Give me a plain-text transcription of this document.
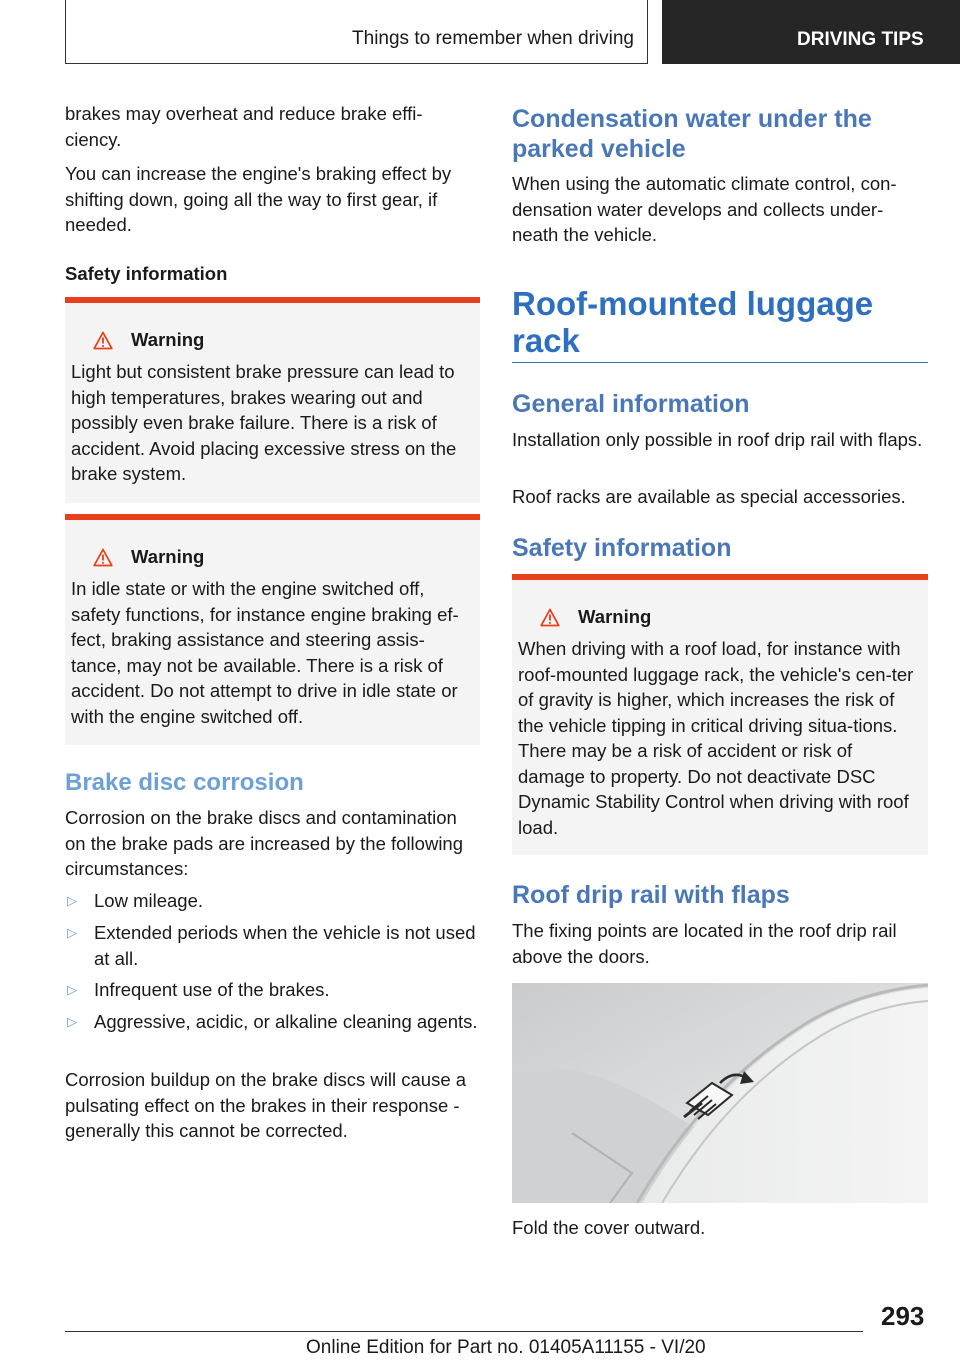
Things to remember when driving	DRIVING TIPS

brakes may overheat and reduce brake effi-
ciency.

You can increase the engine's braking effect by shifting down, going all the way to first gear, if needed.

Safety information
Warning
Light but consistent brake pressure can lead to high temperatures, brakes wearing out and possibly even brake failure. There is a risk of accident. Avoid placing excessive stress on the brake system.
Warning
In idle state or with the engine switched off, safety functions, for instance engine braking ef-fect, braking assistance and steering assis-tance, may not be available. There is a risk of accident. Do not attempt to drive in idle state or with the engine switched off.
Brake disc corrosion

Corrosion on the brake discs and contamination on the brake pads are increased by the following circumstances:

▷ Low mileage.
▷ Extended periods when the vehicle is not used at all.
▷ Infrequent use of the brakes.
▷ Aggressive, acidic, or alkaline cleaning agents.

Corrosion buildup on the brake discs will cause a pulsating effect on the brakes in their response - generally this cannot be corrected.

Condensation water under the parked vehicle

When using the automatic climate control, con-densation water develops and collects under-neath the vehicle.

Roof-mounted luggage rack
General information

Installation only possible in roof drip rail with flaps.

Roof racks are available as special accessories.

Safety information
Warning
When driving with a roof load, for instance with roof-mounted luggage rack, the vehicle's cen-ter of gravity is higher, which increases the risk of the vehicle tipping in critical driving situa-tions. There may be a risk of accident or risk of damage to property. Do not deactivate DSC Dynamic Stability Control when driving with roof load.
Roof drip rail with flaps

The fixing points are located in the roof drip rail above the doors.

Fold the cover outward.

293
Online Edition for Part no. 01405A11155 - VI/20
